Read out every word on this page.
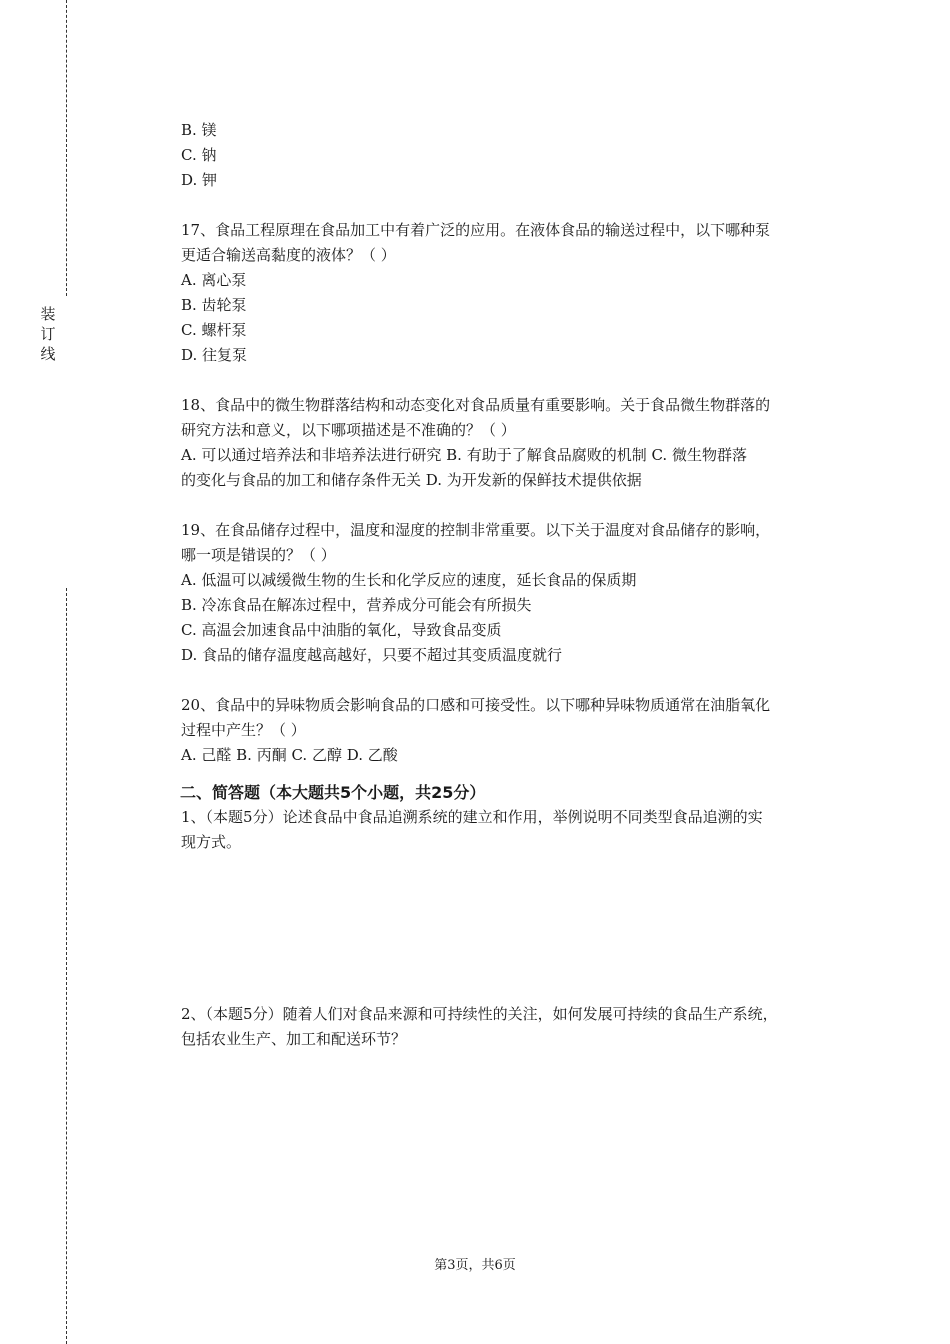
装
订
线
B. 镁
C. 钠
D. 钾
17、食品工程原理在食品加工中有着广泛的应用。在液体食品的输送过程中，以下哪种泵
更适合输送高黏度的液体？（ ）
A. 离心泵
B. 齿轮泵
C. 螺杆泵
D. 往复泵
18、食品中的微生物群落结构和动态变化对食品质量有重要影响。关于食品微生物群落的
研究方法和意义，以下哪项描述是不准确的？（ ）
A. 可以通过培养法和非培养法进行研究 B. 有助于了解食品腐败的机制 C. 微生物群落
的变化与食品的加工和储存条件无关 D. 为开发新的保鲜技术提供依据
19、在食品储存过程中，温度和湿度的控制非常重要。以下关于温度对食品储存的影响，
哪一项是错误的？（ ）
A. 低温可以减缓微生物的生长和化学反应的速度，延长食品的保质期
B. 冷冻食品在解冻过程中，营养成分可能会有所损失
C. 高温会加速食品中油脂的氧化，导致食品变质
D. 食品的储存温度越高越好，只要不超过其变质温度就行
20、食品中的异味物质会影响食品的口感和可接受性。以下哪种异味物质通常在油脂氧化
过程中产生？（ ）
A. 己醛 B. 丙酮 C. 乙醇 D. 乙酸
二、简答题（本大题共5个小题，共25分）
1、（本题5分）论述食品中食品追溯系统的建立和作用，举例说明不同类型食品追溯的实
现方式。
2、（本题5分）随着人们对食品来源和可持续性的关注，如何发展可持续的食品生产系统，
包括农业生产、加工和配送环节？
第3页，共6页
